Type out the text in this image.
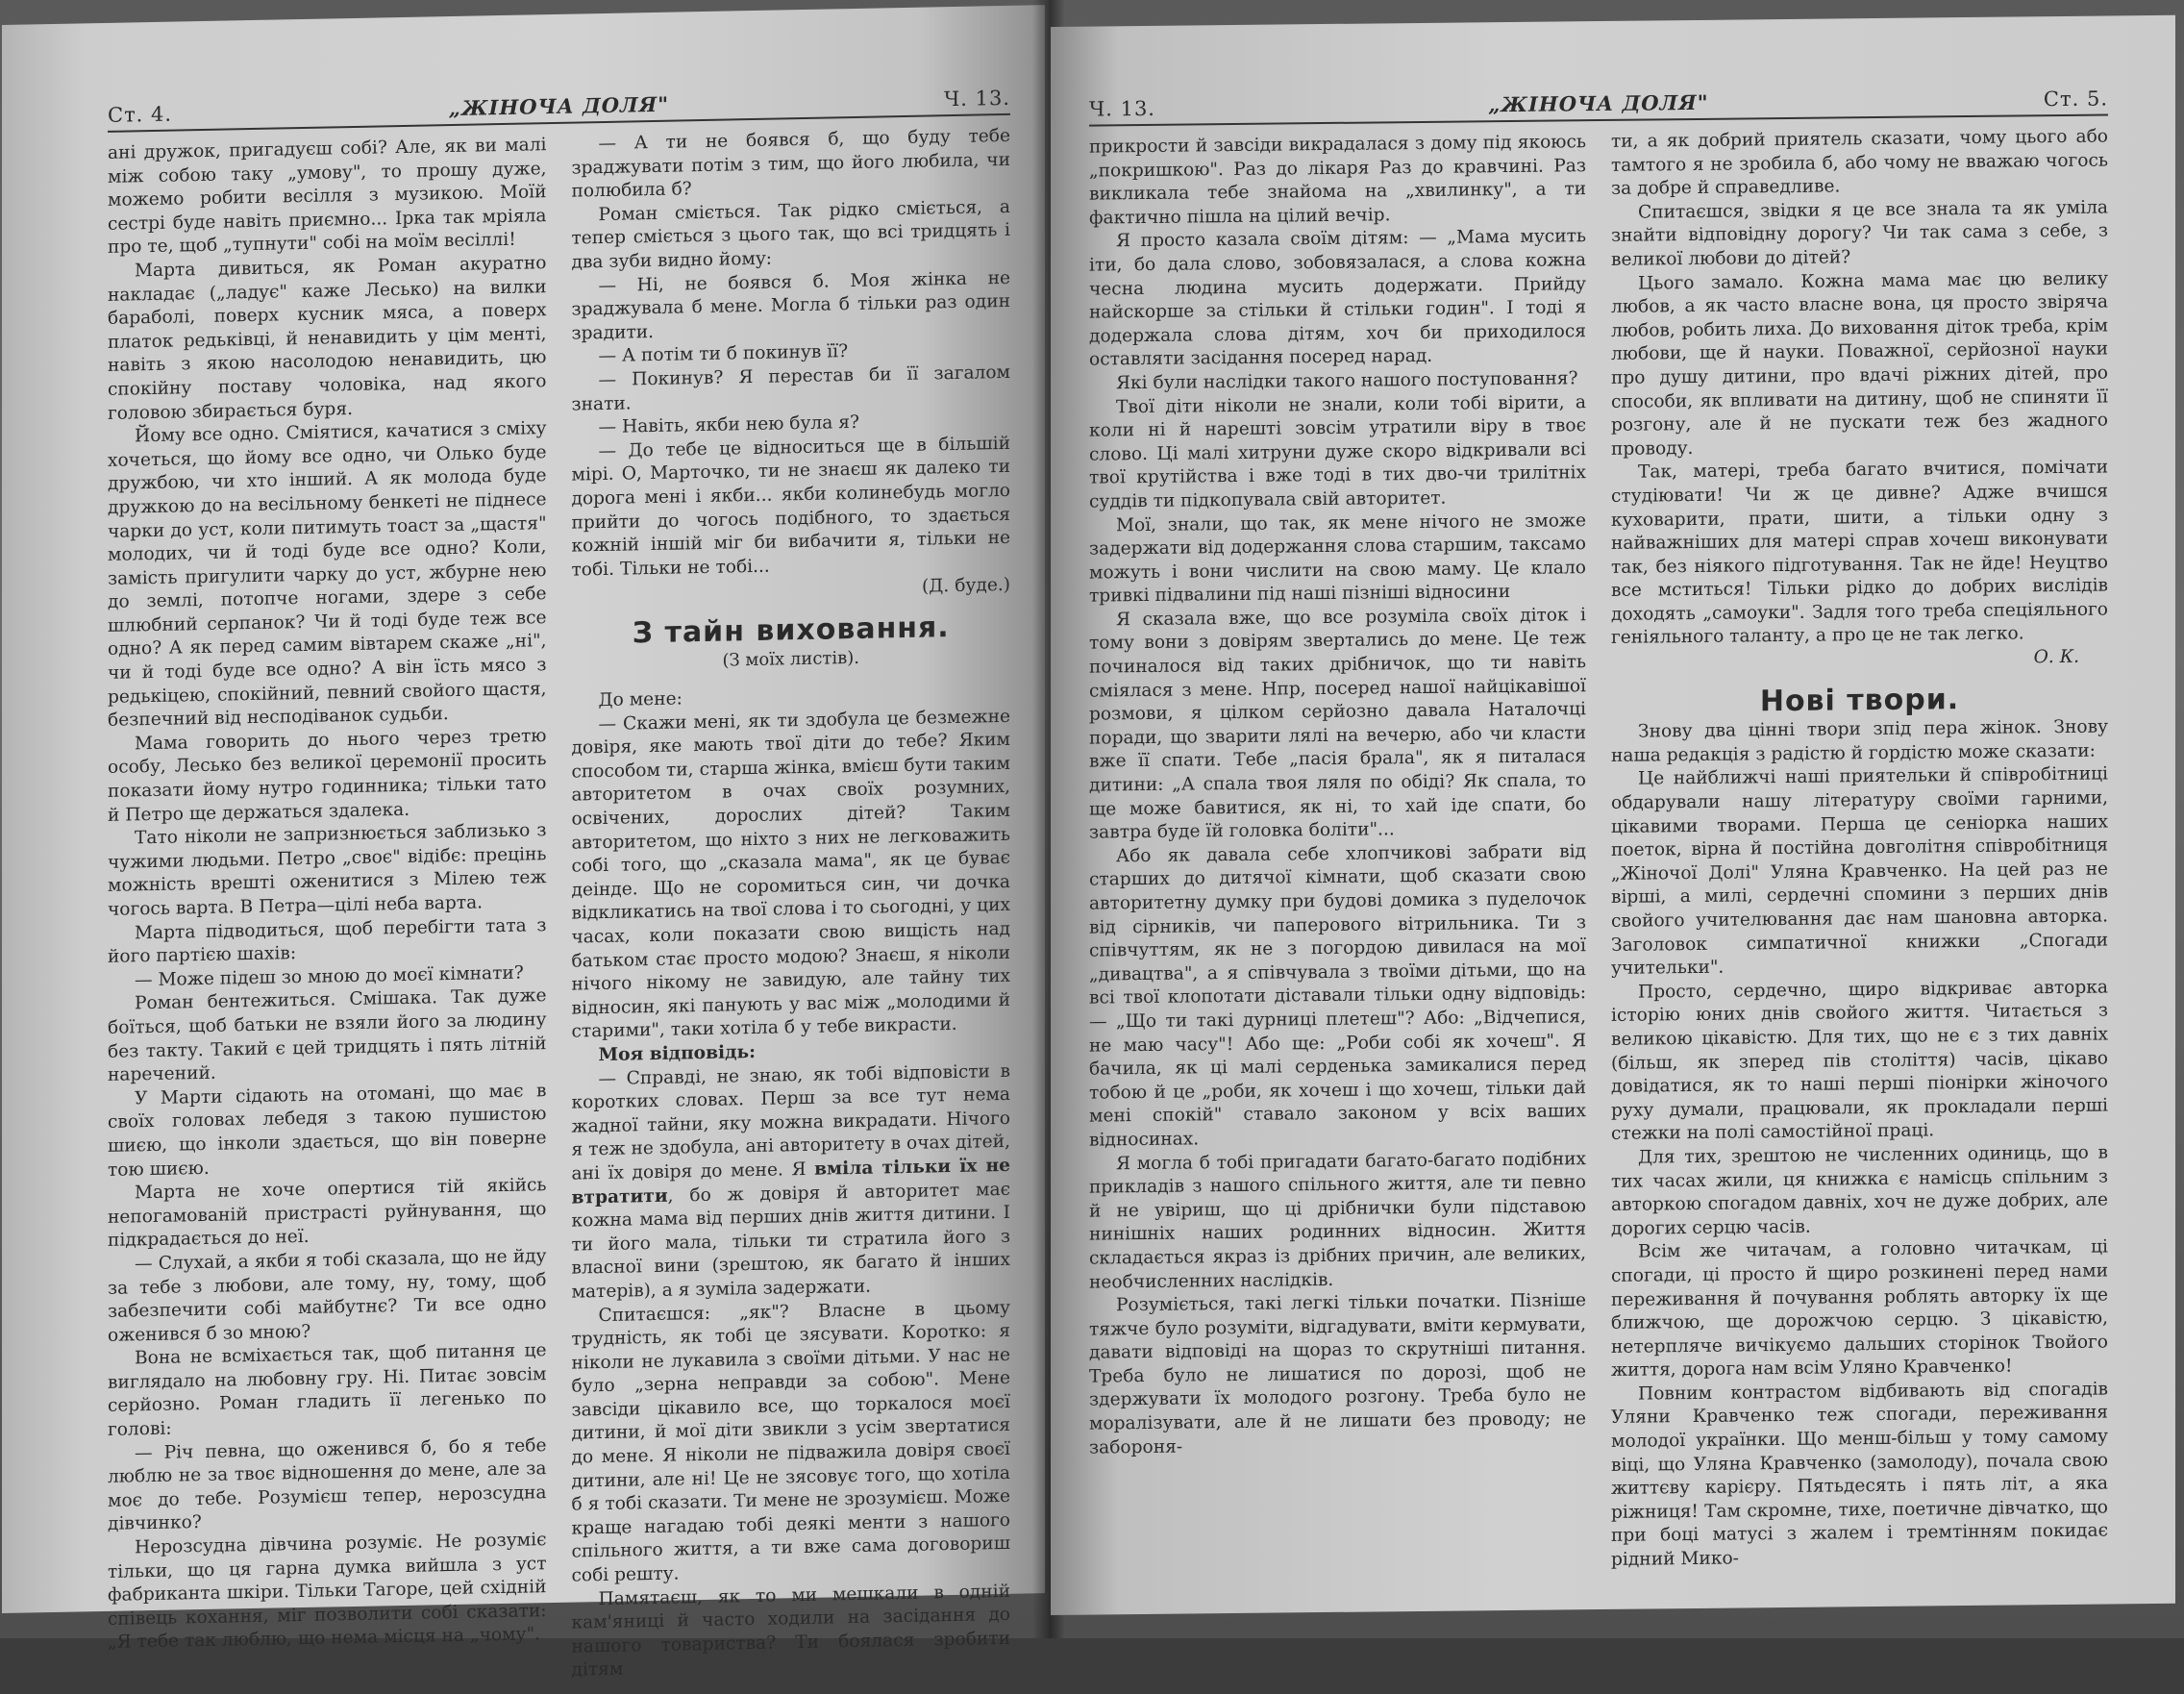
Ст. 4.	„ЖІНОЧА ДОЛЯ"	Ч. 13.

ані дружок, пригадуєш собі? Але, як ви малі між собою таку „умову", то прошу дуже, можемо робити весілля з музикою. Моїй сестрі буде навіть приємно... Ірка так мріяла про те, щоб „тупнути" собі на моїм весіллі!

Марта дивиться, як Роман акуратно накладає („ладує" каже Лесько) на вилки бараболі, поверх кусник мяса, а поверх платок редьківці, й ненавидить у цім менті, навіть з якою насолодою ненавидить, цю спокійну поставу чоловіка, над якого головою збирається буря.

Йому все одно. Сміятися, качатися з сміху хочеться, що йому все одно, чи Олько буде дружбою, чи хто інший. А як молода буде дружкою до на весільному бенкеті не піднесе чарки до уст, коли питимуть тоаст за „щастя" молодих, чи й тоді буде все одно? Коли, замість пригулити чарку до уст, жбурне нею до землі, потопче ногами, здере з себе шлюбний серпанок? Чи й тоді буде теж все одно? А як перед самим вівтарем скаже „ні", чи й тоді буде все одно? А він їсть мясо з редькіцею, спокійний, певний свойого щастя, безпечний від несподіванок судьби.

Мама говорить до нього через третю особу, Лесько без великої церемонії просить показати йому нутро годинника; тільки тато й Петро ще держаться здалека.

Тато ніколи не запризнюється заблизько з чужими людьми. Петро „своє" відібє: прецінь можність врешті оженитися з Мілею теж чогось варта. В Петра—цілі неба варта.

Марта підводиться, щоб перебігти тата з його партією шахів:

— Може підеш зо мною до моєї кімнати?

Роман бентежиться. Смішака. Так дуже боїться, щоб батьки не взяли його за людину без такту. Такий є цей тридцять і пять літній наречений.

У Марти сідають на отомані, що має в своїх головах лебедя з такою пушистою шиєю, що інколи здається, що він поверне тою шиєю.

Марта не хоче опертися тій якійсь непогамованій пристрасті руйнування, що підкрадається до неї.

— Слухай, а якби я тобі сказала, що не йду за тебе з любови, але тому, ну, тому, щоб забезпечити собі майбутнє? Ти все одно оженився б зо мною?

Вона не всміхається так, щоб питання це виглядало на любовну гру. Ні. Питає зовсім серйозно. Роман гладить її легенько по голові:

— Річ певна, що оженився б, бо я тебе люблю не за твоє відношення до мене, але за моє до тебе. Розумієш тепер, нерозсудна дівчинко?

Нерозсудна дівчина розуміє. Не розуміє тільки, що ця гарна думка вийшла з уст фабриканта шкіри. Тільки Тагоре, цей східній співець кохання, міг позволити собі сказати: „Я тебе так люблю, що нема місця на „чому".

— А ти не боявся б, що буду тебе зраджувати потім з тим, що його любила, чи полюбила б?

Роман сміється. Так рідко сміється, а тепер сміється з цього так, що всі тридцять і два зуби видно йому:

— Ні, не боявся б. Моя жінка не зраджувала б мене. Могла б тільки раз один зрадити.

— А потім ти б покинув її?

— Покинув? Я перестав би її загалом знати.

— Навіть, якби нею була я?

— До тебе це відноситься ще в більшій мірі. О, Марточко, ти не знаєш як далеко ти дорога мені і якби... якби колинебудь могло прийти до чогось подібного, то здається кожній іншій міг би вибачити я, тільки не тобі. Тільки не тобі...

(Д. буде.)
З тайн виховання.
(З моїх листів).

До мене:

— Скажи мені, як ти здобула це безмежне довіря, яке мають твої діти до тебе? Яким способом ти, старша жінка, вмієш бути таким авторитетом в очах своїх розумних, освічених, дорослих дітей? Таким авторитетом, що ніхто з них не легковажить собі того, що „сказала мама", як це буває деінде. Що не соромиться син, чи дочка відкликатись на твої слова і то сьогодні, у цих часах, коли показати свою вищість над батьком стає просто модою? Знаєш, я ніколи нічого нікому не завидую, але тайну тих відносин, які панують у вас між „молодими й старими", таки хотіла б у тебе викрасти.

Моя відповідь:

— Справді, не знаю, як тобі відповісти в коротких словах. Перш за все тут нема жадної тайни, яку можна викрадати. Нічого я теж не здобула, ані авторитету в очах дітей, ані їх довіря до мене. Я вміла тільки їх не втратити, бо ж довіря й авторитет має кожна мама від перших днів життя дитини. І ти його мала, тільки ти стратила його з власної вини (зрештою, як багато й інших матерів), а я зуміла задержати.

Спитаєшся: „як"? Власне в цьому трудність, як тобі це зясувати. Коротко: я ніколи не лукавила з своїми дітьми. У нас не було „зерна неправди за собою". Мене завсіди цікавило все, що торкалося моєї дитини, й мої діти звикли з усім звертатися до мене. Я ніколи не підважила довіря своєї дитини, але ні! Це не зясовує того, що хотіла б я тобі сказати. Ти мене не зрозумієш. Може краще нагадаю тобі деякі менти з нашого спільного життя, а ти вже сама договориш собі решту.

Памятаєш, як то ми мешкали в одній кам'яниці й часто ходили на засідання до нашого товариства? Ти боялася зробити дітям

Ч. 13.	„ЖІНОЧА ДОЛЯ"	Ст. 5.

прикрости й завсіди викрадалася з дому під якоюсь „покришкою". Раз до лікаря Раз до кравчині. Раз викликала тебе знайома на „хвилинку", а ти фактично пішла на цілий вечір.

Я просто казала своїм дітям: — „Мама мусить іти, бо дала слово, зобовязалася, а слова кожна чесна людина мусить додержати. Прийду найскорше за стільки й стільки годин". І тоді я додержала слова дітям, хоч би приходилося оставляти засідання посеред нарад.

Які були наслідки такого нашого поступовання?

Твої діти ніколи не знали, коли тобі вірити, а коли ні й нарешті зовсім утратили віру в твоє слово. Ці малі хитруни дуже скоро відкривали всі твої крутійства і вже тоді в тих дво-чи трилітніх суддів ти підкопувала свій авторитет.

Мої, знали, що так, як мене нічого не зможе задержати від додержання слова старшим, таксамо можуть і вони числити на свою маму. Це клало тривкі підвалини під наші пізніші відносини

Я сказала вже, що все розуміла своїх діток і тому вони з довірям звертались до мене. Це теж починалося від таких дрібничок, що ти навіть сміялася з мене. Нпр, посеред нашої найцікавішої розмови, я цілком серйозно давала Наталочці поради, що зварити лялі на вечерю, або чи класти вже її спати. Тебе „пасія брала", як я питалася дитини: „А спала твоя ляля по обіді? Як спала, то ще може бавитися, як ні, то хай іде спати, бо завтра буде їй головка боліти"...

Або як давала себе хлопчикові забрати від старших до дитячої кімнати, щоб сказати свою авторитетну думку при будові домика з пуделочок від сірників, чи паперового вітрильника. Ти з співчуттям, як не з погордою дивилася на мої „дивацтва", а я співчувала з твоїми дітьми, що на всі твої клопотати діставали тільки одну відповідь: — „Що ти такі дурниці плетеш"? Або: „Відчепися, не маю часу"! Або ще: „Роби собі як хочеш". Я бачила, як ці малі серденька замикалися перед тобою й це „роби, як хочеш і що хочеш, тільки дай мені спокій" ставало законом у всіх ваших відносинах.

Я могла б тобі пригадати багато-багато подібних прикладів з нашого спільного життя, але ти певно й не увіриш, що ці дрібнички були підставою нинішніх наших родинних відносин. Життя складається якраз із дрібних причин, але великих, необчисленних наслідків.

Розуміється, такі легкі тільки початки. Пізніше тяжче було розуміти, відгадувати, вміти кермувати, давати відповіді на щораз то скрутніші питання. Треба було не лишатися по дорозі, щоб не здержувати їх молодого розгону. Треба було не моралізувати, але й не лишати без проводу; не забороня-

ти, а як добрий приятель сказати, чому цього або тамтого я не зробила б, або чому не вважаю чогось за добре й справедливе.

Спитаєшся, звідки я це все знала та як уміла знайти відповідну дорогу? Чи так сама з себе, з великої любови до дітей?

Цього замало. Кожна мама має цю велику любов, а як часто власне вона, ця просто звіряча любов, робить лиха. До виховання діток треба, крім любови, ще й науки. Поважної, серйозної науки про душу дитини, про вдачі ріжних дітей, про способи, як впливати на дитину, щоб не спиняти її розгону, але й не пускати теж без жадного проводу.

Так, матері, треба багато вчитися, помічати студіювати! Чи ж це дивне? Адже вчишся куховарити, прати, шити, а тільки одну з найважніших для матері справ хочеш виконувати так, без ніякого підготування. Так не йде! Неуцтво все мститься! Тільки рідко до добрих вислідів доходять „самоуки". Задля того треба спеціяльного геніяльного таланту, а про це не так легко.

О. К.
Нові твори.

Знову два цінні твори зпід пера жінок. Знову наша редакція з радістю й гордістю може сказати:

Це найближчі наші приятельки й співробітниці обдарували нашу літературу своїми гарними, цікавими творами. Перша це сеніорка наших поеток, вірна й постійна довголітня співробітниця „Жіночої Долі" Уляна Кравченко. На цей раз не вірші, а милі, сердечні спомини з перших днів свойого учителювання дає нам шановна авторка. Заголовок симпатичної книжки „Спогади учительки".

Просто, сердечно, щиро відкриває авторка історію юних днів свойого життя. Читається з великою цікавістю. Для тих, що не є з тих давніх (більш, як зпеpед пів століття) часів, цікаво довідатися, як то наші перші піонірки жіночого руху думали, працювали, як прокладали перші стежки на полі самостійної праці.

Для тих, зрештою не численних одиниць, що в тих часах жили, ця книжка є намісць спільним з авторкою спогадом давніх, хоч не дуже добрих, але дорогих серцю часів.

Всім же читачам, а головно читачкам, ці спогади, ці просто й щиро розкинені перед нами переживання й почування роблять авторку їх ще ближчою, ще дорожчою серцю. З цікавістю, нетерпляче вичікуємо дальших сторінок Твойого життя, дорога нам всім Уляно Кравченко!

Повним контрастом відбивають від спогадів Уляни Кравченко теж спогади, переживання молодої українки. Що менш-більш у тому самому віці, що Уляна Кравченко (замолоду), почала свою життєву карієру. Пятьдесять і пять літ, а яка ріжниця! Там скромне, тихе, поетичне дівчатко, що при боці матусі з жалем і тремтінням покидає рідний Мико-
